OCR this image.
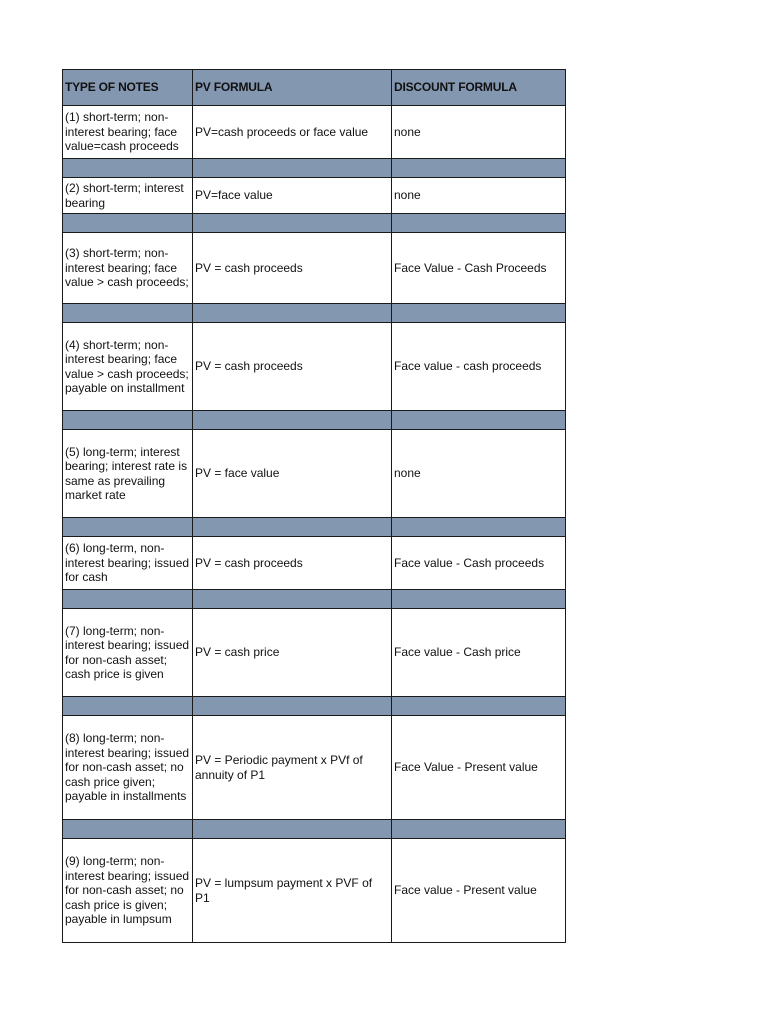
TYPE OF NOTES	PV FORMULA	DISCOUNT FORMULA
(1) short-term; non-interest bearing; face value=cash proceeds	PV=cash proceeds or face value	none

(2) short-term; interest bearing	PV=face value	none

(3) short-term; non-interest bearing; face value > cash proceeds;	PV = cash proceeds	Face Value - Cash Proceeds

(4) short-term; non-interest bearing; face value > cash proceeds; payable on installment	PV = cash proceeds	Face value - cash proceeds

(5) long-term; interest bearing; interest rate is same as prevailing market rate	PV = face value	none

(6) long-term, non-interest bearing; issued for cash	PV = cash proceeds	Face value - Cash proceeds

(7) long-term; non-interest bearing; issued for non-cash asset; cash price is given	PV = cash price	Face value - Cash price

(8) long-term; non-interest bearing; issued for non-cash asset; no cash price given; payable in installments	PV = Periodic payment x PVf of annuity of P1	Face Value - Present value

(9) long-term; non-interest bearing; issued for non-cash asset; no cash price is given; payable in lumpsum	PV = lumpsum payment x PVF of P1	Face value - Present value
